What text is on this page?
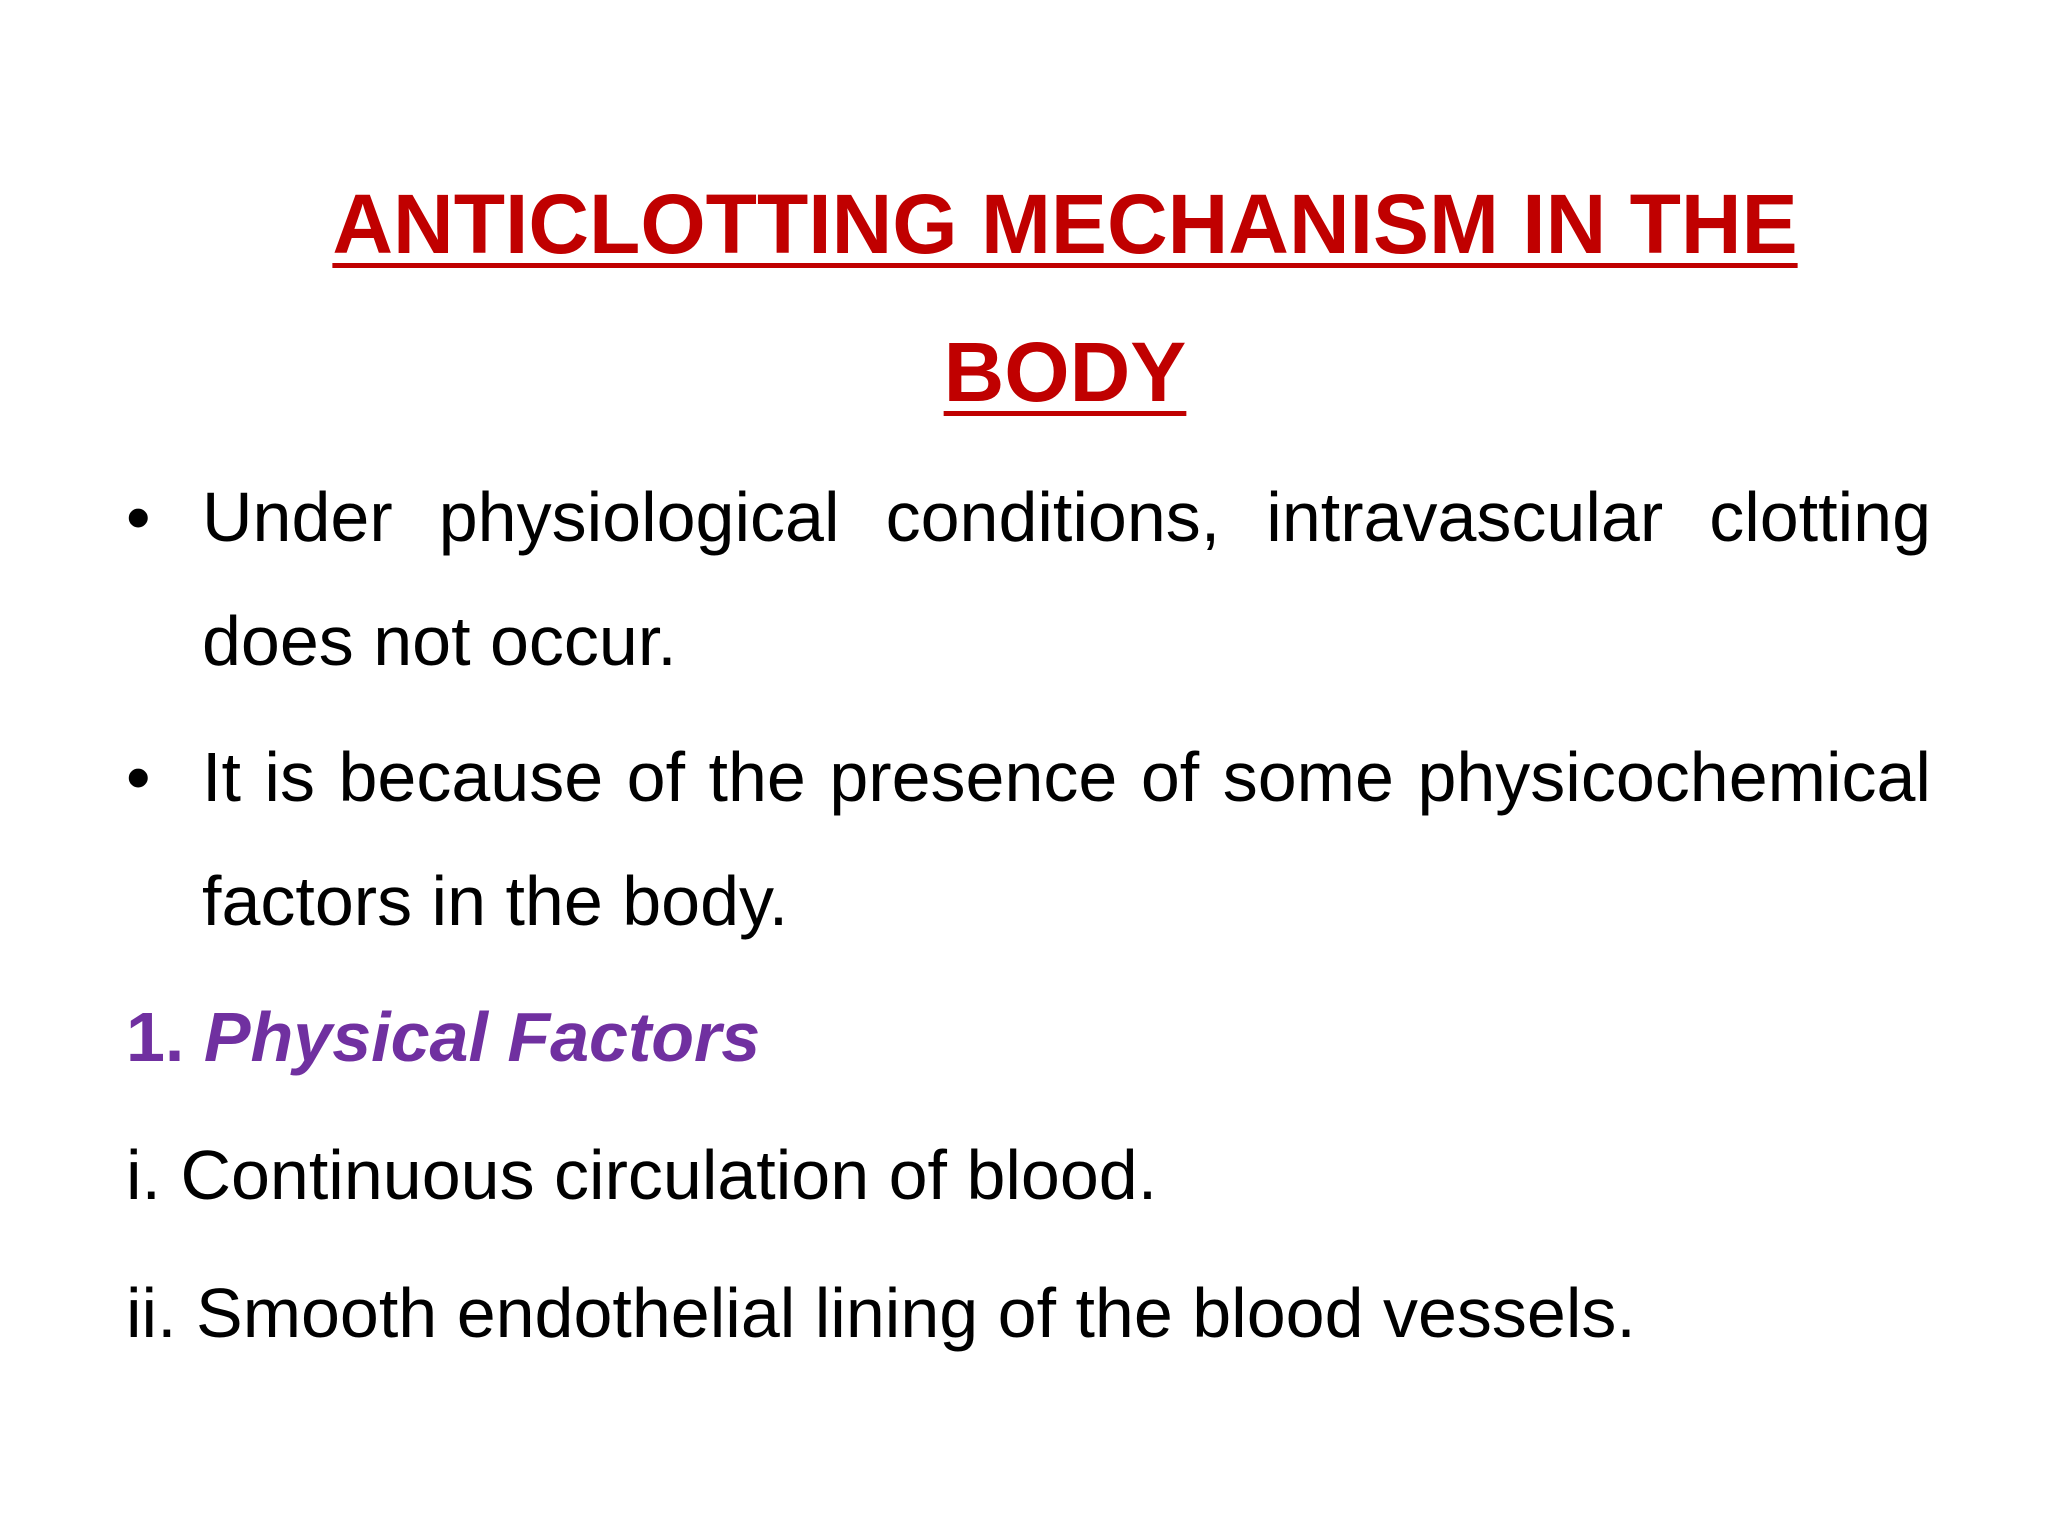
ANTICLOTTING MECHANISM IN THE BODY
• Under physiological conditions, intravascular clotting does not occur.
• It is because of the presence of some physicochemical factors in the body.
1. Physical Factors
i. Continuous circulation of blood.
ii. Smooth endothelial lining of the blood vessels.
